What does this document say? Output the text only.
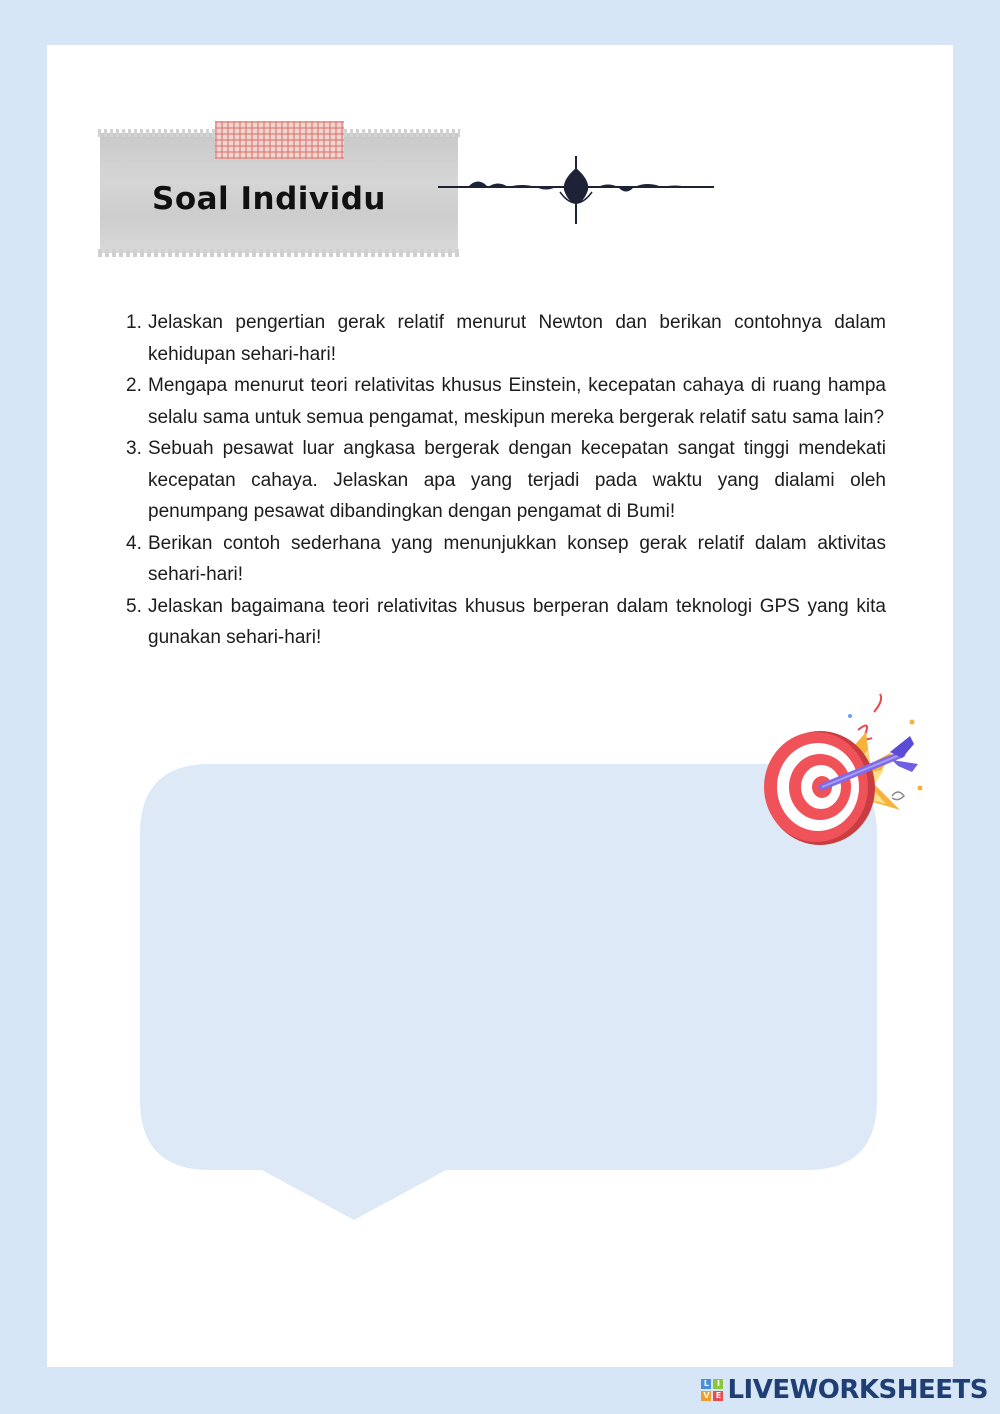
Soal Individu
1. Jelaskan pengertian gerak relatif menurut Newton dan berikan contohnya dalam kehidupan sehari-hari!
2. Mengapa menurut teori relativitas khusus Einstein, kecepatan cahaya di ruang hampa selalu sama untuk semua pengamat, meskipun mereka bergerak relatif satu sama lain?
3. Sebuah pesawat luar angkasa bergerak dengan kecepatan sangat tinggi mendekati kecepatan cahaya. Jelaskan apa yang terjadi pada waktu yang dialami oleh penumpang pesawat dibandingkan dengan pengamat di Bumi!
4. Berikan contoh sederhana yang menunjukkan konsep gerak relatif dalam aktivitas sehari-hari!
5. Jelaskan bagaimana teori relativitas khusus berperan dalam teknologi GPS yang kita gunakan sehari-hari!
L I
V E LIVEWORKSHEETS
